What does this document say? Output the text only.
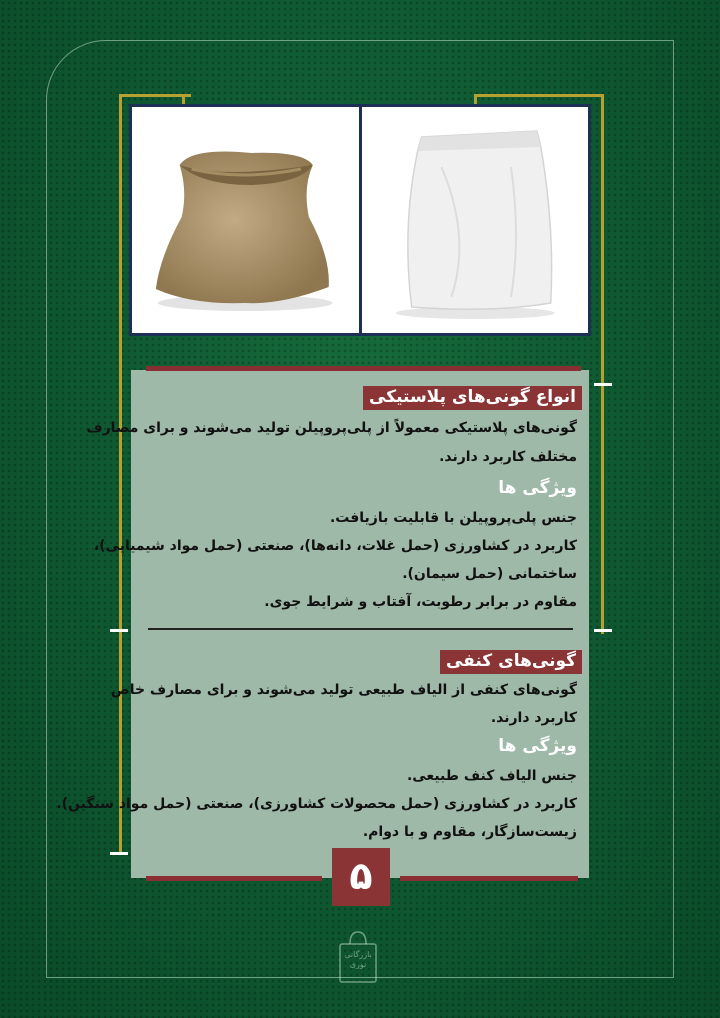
انواع گونی‌های پلاستیکی
گونی‌های پلاستیکی معمولاً از پلی‌پروپیلن تولید می‌شوند و برای مصارف
مختلف کاربرد دارند.
ویژگی ها
جنس پلی‌پروپیلن با قابلیت بازیافت.
کاربرد در کشاورزی (حمل غلات، دانه‌ها)، صنعتی (حمل مواد شیمیایی)،
ساختمانی (حمل سیمان).
مقاوم در برابر رطوبت، آفتاب و شرایط جوی.
گونی‌های کنفی
گونی‌های کنفی از الیاف طبیعی تولید می‌شوند و برای مصارف خاص
کاربرد دارند.
ویژگی ها
جنس الیاف کنف طبیعی.
کاربرد در کشاورزی (حمل محصولات کشاورزی)، صنعتی (حمل مواد سنگین).
زیست‌سازگار، مقاوم و با دوام.
۵
بازرگانی
نوری
